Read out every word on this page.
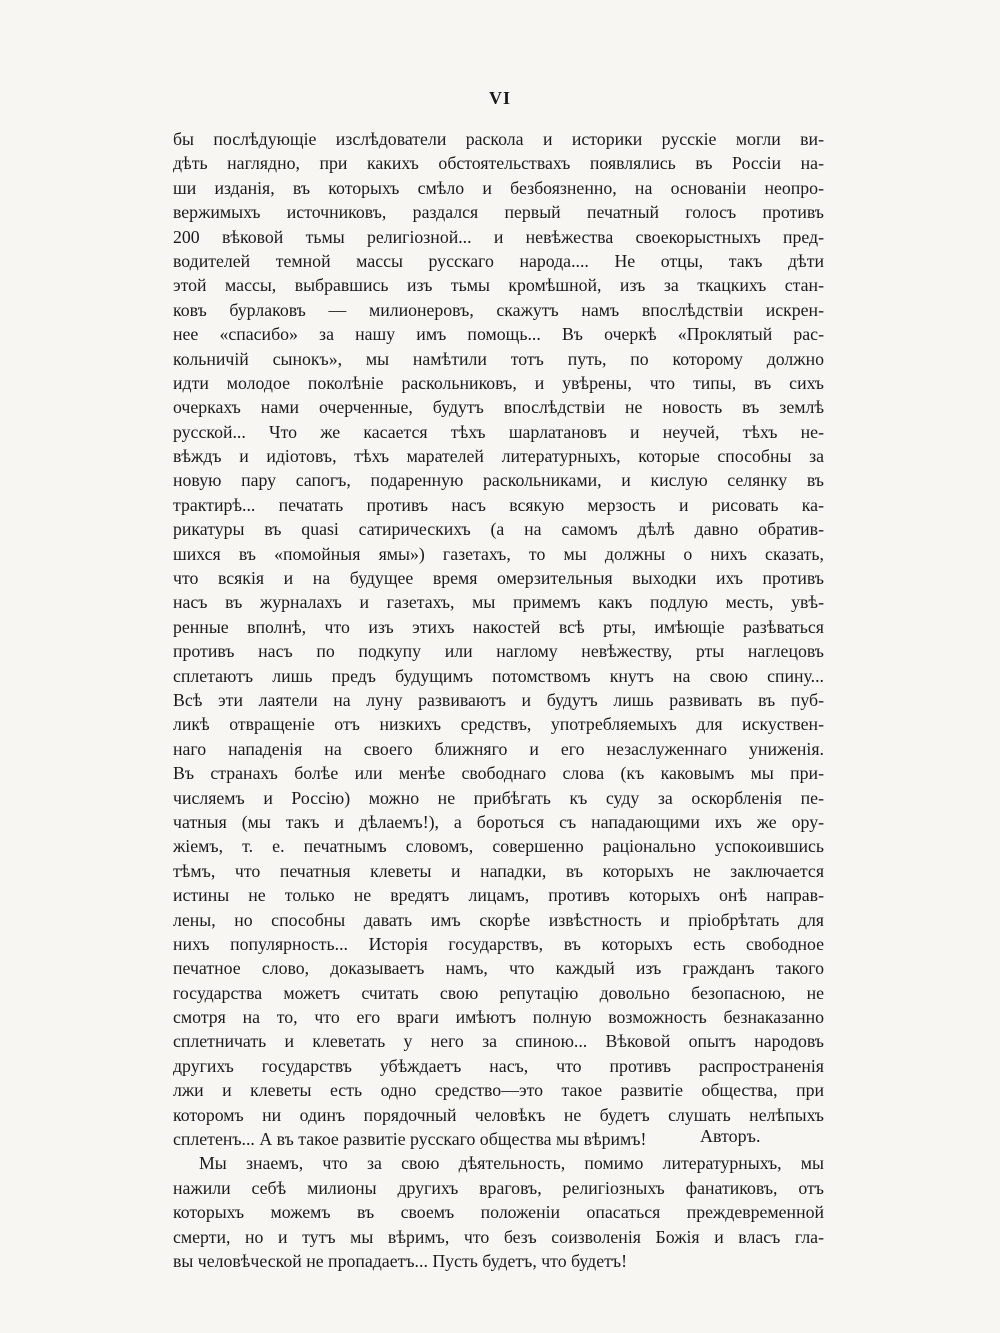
VI
бы послѣдующіе изслѣдователи раскола и историки русскіе могли ви-
дѣть наглядно, при какихъ обстоятельствахъ появлялись въ Россіи на-
ши изданія, въ которыхъ смѣло и безбоязненно, на основаніи неопро-
вержимыхъ источниковъ, раздался первый печатный голосъ противъ
200 вѣковой тьмы религіозной... и невѣжества своекорыстныхъ пред-
водителей темной массы русскаго народа.... Не отцы, такъ дѣти
этой массы, выбравшись изъ тьмы кромѣшной, изъ за ткацкихъ стан-
ковъ бурлаковъ — милионеровъ, скажутъ намъ впослѣдствіи искрен-
нее «спасибо» за нашу имъ помощь... Въ очеркѣ «Проклятый рас-
кольничій сынокъ», мы намѣтили тотъ путь, по которому должно
идти молодое поколѣніе раскольниковъ, и увѣрены, что типы, въ сихъ
очеркахъ нами очерченные, будутъ впослѣдствіи не новость въ землѣ
русской... Что же касается тѣхъ шарлатановъ и неучей, тѣхъ не-
вѣждъ и идіотовъ, тѣхъ марателей литературныхъ, которые способны за
новую пару сапогъ, подаренную раскольниками, и кислую селянку въ
трактирѣ... печатать противъ насъ всякую мерзость и рисовать ка-
рикатуры въ quasi сатирическихъ (а на самомъ дѣлѣ давно обратив-
шихся въ «помойныя ямы») газетахъ, то мы должны о нихъ сказать,
что всякія и на будущее время омерзительныя выходки ихъ противъ
насъ въ журналахъ и газетахъ, мы примемъ какъ подлую месть, увѣ-
ренные вполнѣ, что изъ этихъ накостей всѣ рты, имѣющіе разѣваться
противъ насъ по подкупу или наглому невѣжеству, рты наглецовъ
сплетаютъ лишь предъ будущимъ потомствомъ кнутъ на свою спину...
Всѣ эти лаятели на луну развиваютъ и будутъ лишь развивать въ пуб-
ликѣ отвращеніе отъ низкихъ средствъ, употребляемыхъ для искуствен-
наго нападенія на своего ближняго и его незаслуженнаго униженія.
Въ странахъ болѣе или менѣе свободнаго слова (къ каковымъ мы при-
числяемъ и Россію) можно не прибѣгать къ суду за оскорбленія пе-
чатныя (мы такъ и дѣлаемъ!), а бороться съ нападающими ихъ же ору-
жіемъ, т. е. печатнымъ словомъ, совершенно раціонально успокоившись
тѣмъ, что печатныя клеветы и нападки, въ которыхъ не заключается
истины не только не вредятъ лицамъ, противъ которыхъ онѣ направ-
лены, но способны давать имъ скорѣе извѣстность и пріобрѣтать для
нихъ популярность... Исторія государствъ, въ которыхъ есть свободное
печатное слово, доказываетъ намъ, что каждый изъ гражданъ такого
государства можетъ считать свою репутацію довольно безопасною, не
смотря на то, что его враги имѣютъ полную возможность безнаказанно
сплетничать и клеветать у него за спиною... Вѣковой опытъ народовъ
другихъ государствъ убѣждаетъ насъ, что противъ распространенія
лжи и клеветы есть одно средство—это такое развитіе общества, при
которомъ ни одинъ порядочный человѣкъ не будетъ слушать нелѣпыхъ
сплетенъ... А въ такое развитіе русскаго общества мы вѣримъ!
Мы знаемъ, что за свою дѣятельность, помимо литературныхъ, мы
нажили себѣ милионы другихъ враговъ, религіозныхъ фанатиковъ, отъ
которыхъ можемъ въ своемъ положеніи опасаться преждевременной
смерти, но и тутъ мы вѣримъ, что безъ соизволенія Божія и власъ гла-
вы человѣческой не пропадаетъ... Пусть будетъ, что будетъ!
Авторъ.
